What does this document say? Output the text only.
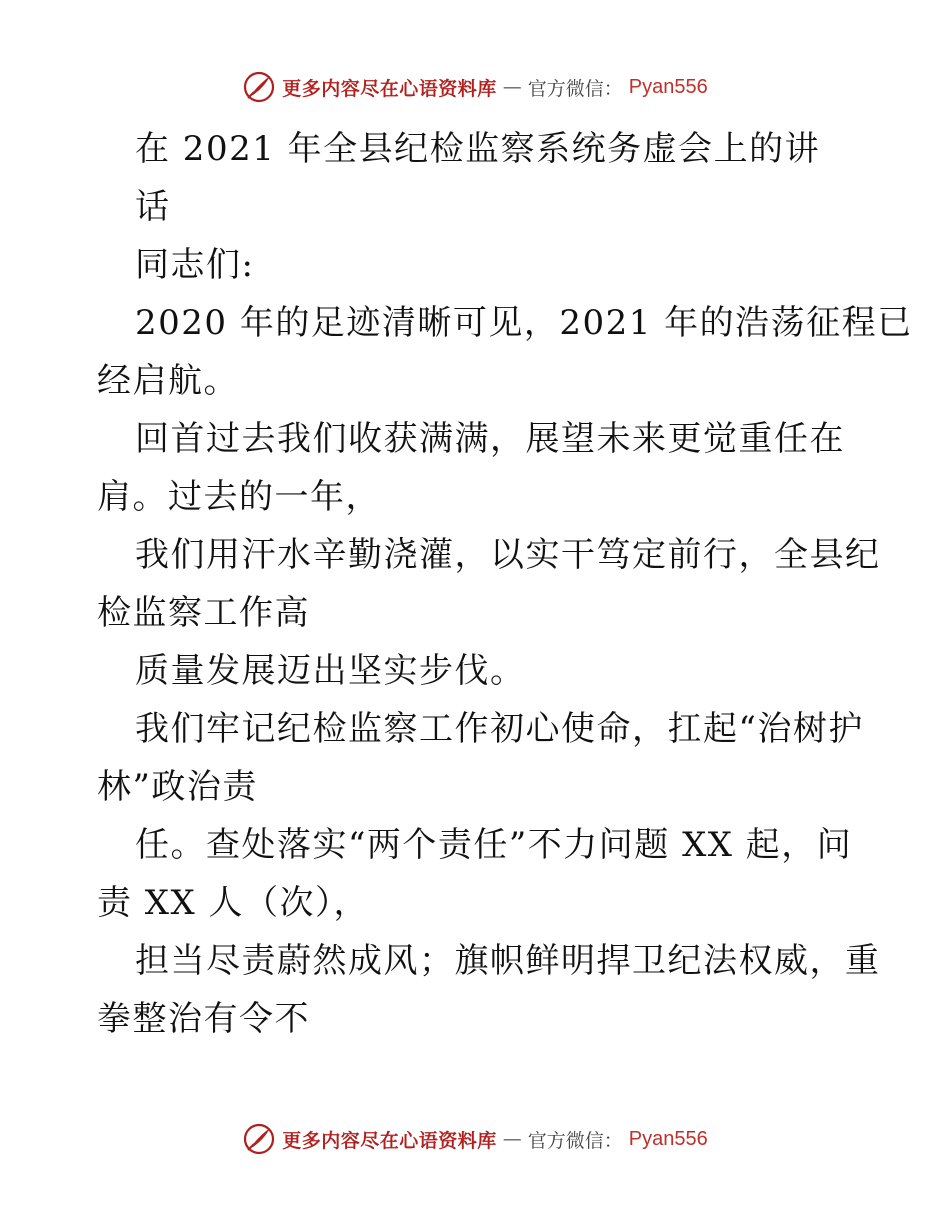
更多内容尽在心语资料库 — 官方微信： Pyan556
在 2021 年全县纪检监察系统务虚会上的讲
话
同志们:
2020 年的足迹清晰可见，2021 年的浩荡征程已
经启航。
回首过去我们收获满满，展望未来更觉重任在
肩。过去的一年，
我们用汗水辛勤浇灌，以实干笃定前行，全县纪
检监察工作高
质量发展迈出坚实步伐。
我们牢记纪检监察工作初心使命，扛起“治树护
林”政治责
任。查处落实“两个责任”不力问题 XX 起，问
责 XX 人（次），
担当尽责蔚然成风；旗帜鲜明捍卫纪法权威，重
拳整治有令不
更多内容尽在心语资料库 — 官方微信： Pyan556
